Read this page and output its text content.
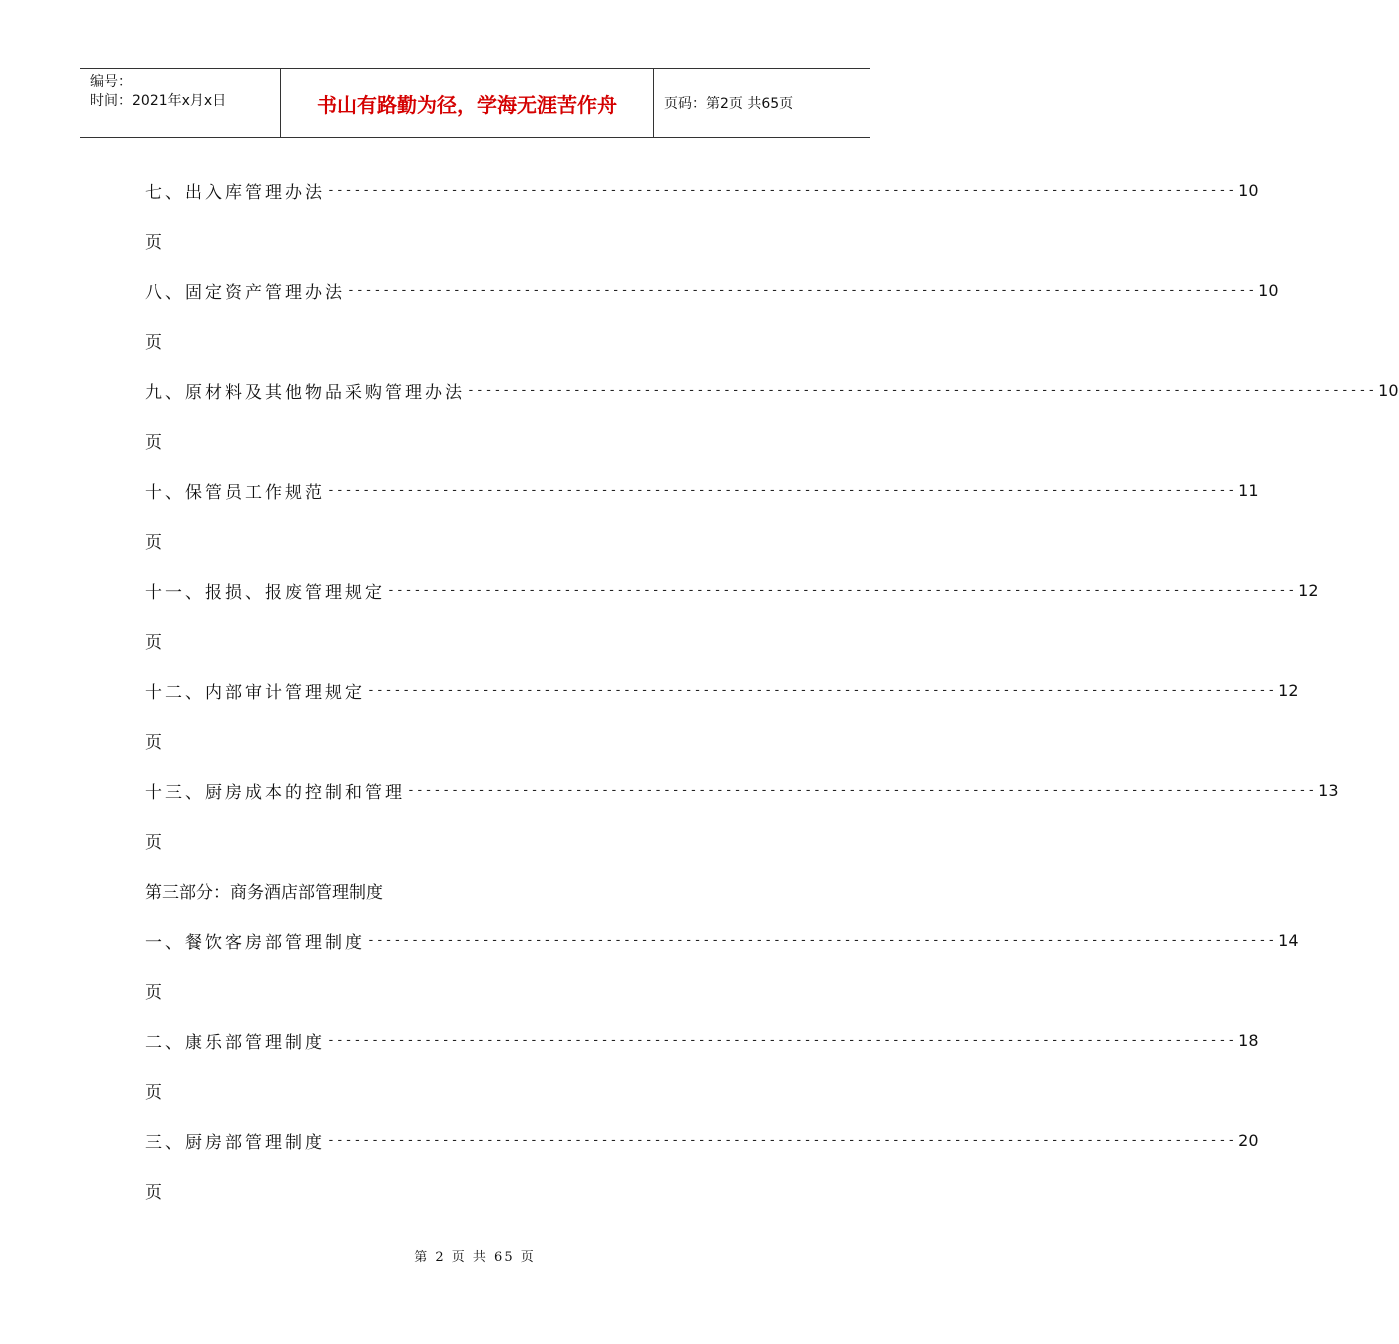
编号：
时间：2021年x月x日	书山有路勤为径，学海无涯苦作舟	页码：第2页 共65页
七、出入库管理办法 ------------------------------------------------------------------------------------------------------- 10
页
八、固定资产管理办法 ------------------------------------------------------------------------------------------------------- 10
页
九、原材料及其他物品采购管理办法 ------------------------------------------------------------------------------------------------------- 10
页
十、保管员工作规范 ------------------------------------------------------------------------------------------------------- 11
页
十一、报损、报废管理规定 ------------------------------------------------------------------------------------------------------- 12
页
十二、内部审计管理规定 ------------------------------------------------------------------------------------------------------- 12
页
十三、厨房成本的控制和管理 ------------------------------------------------------------------------------------------------------- 13
页
第三部分：商务酒店部管理制度
一、餐饮客房部管理制度 ------------------------------------------------------------------------------------------------------- 14
页
二、康乐部管理制度 ------------------------------------------------------------------------------------------------------- 18
页
三、厨房部管理制度 ------------------------------------------------------------------------------------------------------- 20
页
第 2 页 共 65 页
